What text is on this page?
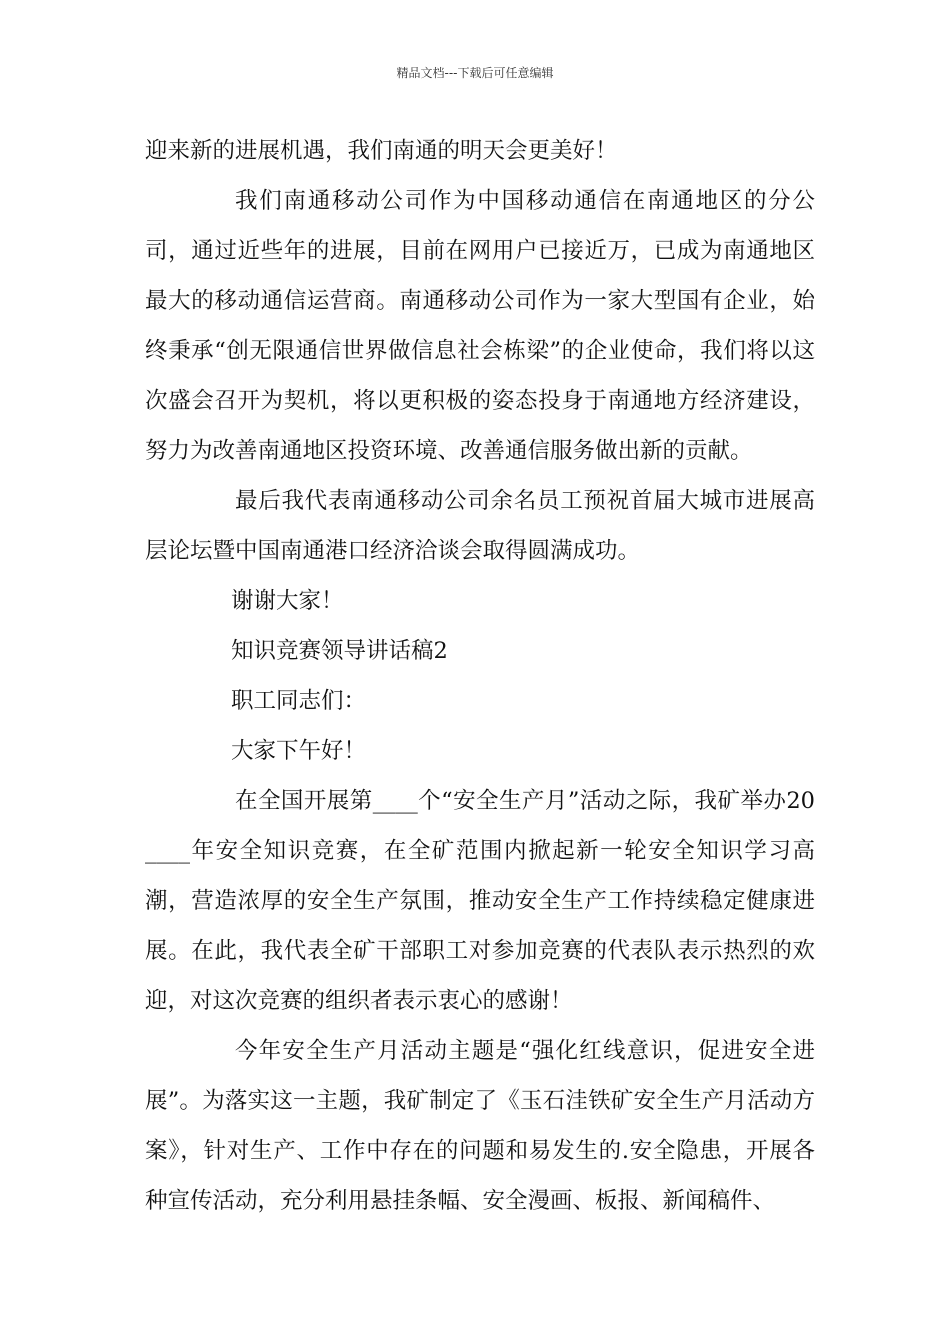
精品文档---下载后可任意编辑

迎来新的进展机遇，我们南通的明天会更美好！

我们南通移动公司作为中国移动通信在南通地区的分公司，通过近些年的进展，目前在网用户已接近万，已成为南通地区最大的移动通信运营商。南通移动公司作为一家大型国有企业，始终秉承“创无限通信世界做信息社会栋梁”的企业使命，我们将以这次盛会召开为契机，将以更积极的姿态投身于南通地方经济建设，努力为改善南通地区投资环境、改善通信服务做出新的贡献。

最后我代表南通移动公司余名员工预祝首届大城市进展高层论坛暨中国南通港口经济洽谈会取得圆满成功。

谢谢大家！

知识竞赛领导讲话稿2

职工同志们：

大家下午好！

在全国开展第____个“安全生产月”活动之际，我矿举办20____年安全知识竞赛，在全矿范围内掀起新一轮安全知识学习高潮，营造浓厚的安全生产氛围，推动安全生产工作持续稳定健康进展。在此，我代表全矿干部职工对参加竞赛的代表队表示热烈的欢迎，对这次竞赛的组织者表示衷心的感谢！

今年安全生产月活动主题是“强化红线意识，促进安全进展”。为落实这一主题，我矿制定了《玉石洼铁矿安全生产月活动方案》，针对生产、工作中存在的问题和易发生的.安全隐患，开展各种宣传活动，充分利用悬挂条幅、安全漫画、板报、新闻稿件、
